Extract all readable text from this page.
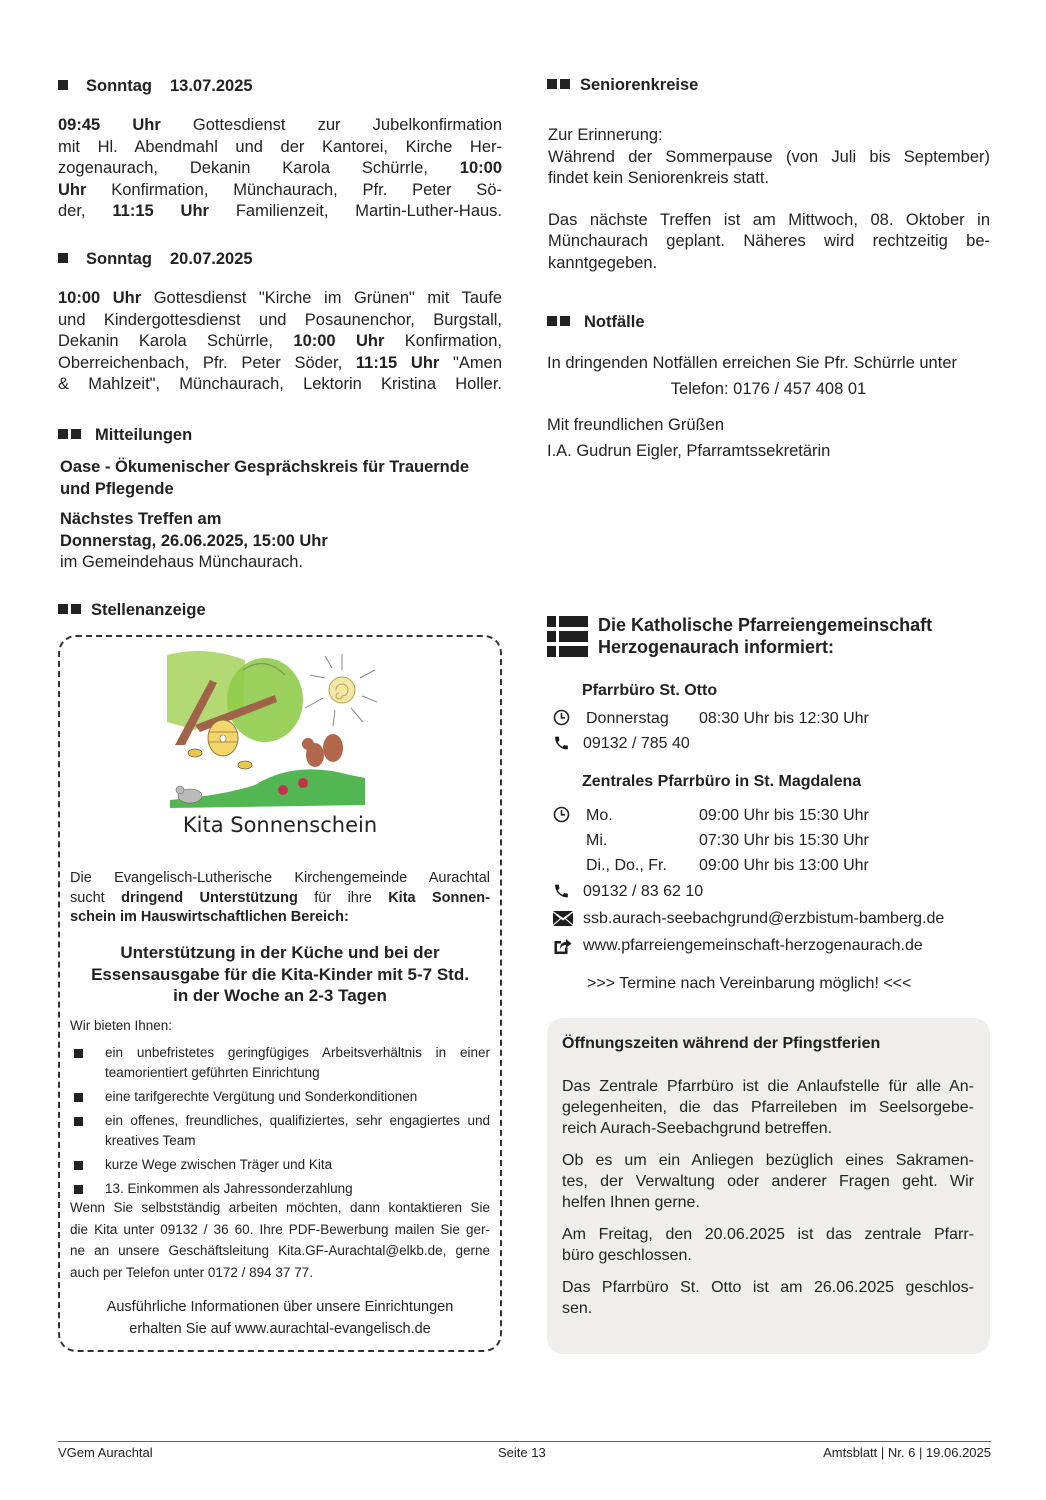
Sonntag 13.07.2025
09:45 Uhr Gottesdienst zur Jubelkonfirmation
mit Hl. Abendmahl und der Kantorei, Kirche Her-
zogenaurach, Dekanin Karola Schürrle, 10:00
Uhr Konfirmation, Münchaurach, Pfr. Peter Sö-
der, 11:15 Uhr Familienzeit, Martin-Luther-Haus.
Sonntag 20.07.2025
10:00 Uhr Gottesdienst "Kirche im Grünen" mit Taufe
und Kindergottesdienst und Posaunenchor, Burgstall,
Dekanin Karola Schürrle, 10:00 Uhr Konfirmation,
Oberreichenbach, Pfr. Peter Söder, 11:15 Uhr "Amen
& Mahlzeit", Münchaurach, Lektorin Kristina Holler.
Mitteilungen
Oase - Ökumenischer Gesprächskreis für Trauernde
und Pflegende
Nächstes Treffen am
Donnerstag, 26.06.2025, 15:00 Uhr
im Gemeindehaus Münchaurach.
Stellenanzeige
Kita Sonnenschein
Die Evangelisch-Lutherische Kirchengemeinde Aurachtal
sucht dringend Unterstützung für ihre Kita Sonnen-
schein im Hauswirtschaftlichen Bereich:
Unterstützung in der Küche und bei der
Essensausgabe für die Kita-Kinder mit 5-7 Std.
in der Woche an 2-3 Tagen
Wir bieten Ihnen:
ein unbefristetes geringfügiges Arbeitsverhältnis in einer teamorientiert geführten Einrichtung
eine tarifgerechte Vergütung und Sonderkonditionen
ein offenes, freundliches, qualifiziertes, sehr engagiertes und kreatives Team
kurze Wege zwischen Träger und Kita
13. Einkommen als Jahressonderzahlung
Wenn Sie selbstständig arbeiten möchten, dann kontaktieren Sie
die Kita unter 09132 / 36 60. Ihre PDF-Bewerbung mailen Sie ger-
ne an unsere Geschäftsleitung Kita.GF-Aurachtal@elkb.de, gerne
auch per Telefon unter 0172 / 894 37 77.
Ausführliche Informationen über unsere Einrichtungen
erhalten Sie auf www.aurachtal-evangelisch.de
Seniorenkreise
Zur Erinnerung:
Während der Sommerpause (von Juli bis September)
findet kein Seniorenkreis statt.
Das nächste Treffen ist am Mittwoch, 08. Oktober in
Münchaurach geplant. Näheres wird rechtzeitig be-
kanntgegeben.
Notfälle
In dringenden Notfällen erreichen Sie Pfr. Schürrle unter
Telefon: 0176 / 457 408 01
Mit freundlichen Grüßen
I.A. Gudrun Eigler, Pfarramtssekretärin
Die Katholische Pfarreiengemeinschaft
Herzogenaurach informiert:
Pfarrbüro St. Otto
Donnerstag 08:30 Uhr bis 12:30 Uhr
09132 / 785 40
Zentrales Pfarrbüro in St. Magdalena
Mo.	09:00 Uhr bis 15:30 Uhr
Mi.	07:30 Uhr bis 15:30 Uhr
Di., Do., Fr. 09:00 Uhr bis 13:00 Uhr
09132 / 83 62 10
ssb.aurach-seebachgrund@erzbistum-bamberg.de
www.pfarreiengemeinschaft-herzogenaurach.de
>>> Termine nach Vereinbarung möglich! <<<
Öffnungszeiten während der Pfingstferien
Das Zentrale Pfarrbüro ist die Anlaufstelle für alle An-
gelegenheiten, die das Pfarreileben im Seelsorgebe-
reich Aurach-Seebachgrund betreffen.
Ob es um ein Anliegen bezüglich eines Sakramen-
tes, der Verwaltung oder anderer Fragen geht. Wir
helfen Ihnen gerne.
Am Freitag, den 20.06.2025 ist das zentrale Pfarr-
büro geschlossen.
Das Pfarrbüro St. Otto ist am 26.06.2025 geschlos-
sen.
VGem Aurachtal	Seite 13	Amtsblatt | Nr. 6 | 19.06.2025
